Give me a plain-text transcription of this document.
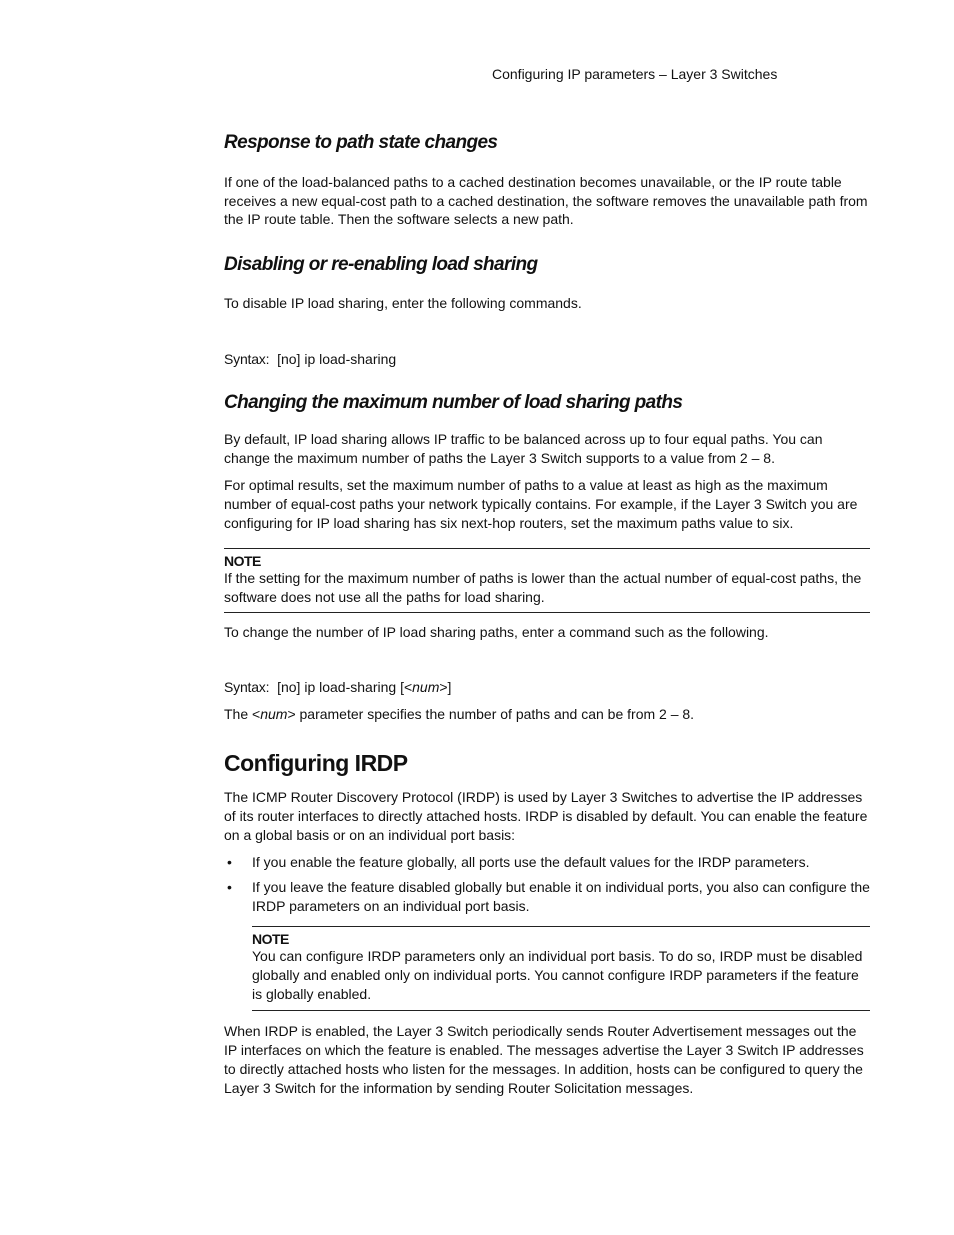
Configuring IP parameters – Layer 3 Switches
Response to path state changes

If one of the load-balanced paths to a cached destination becomes unavailable, or the IP route table receives a new equal-cost path to a cached destination, the software removes the unavailable path from the IP route table. Then the software selects a new path.

Disabling or re-enabling load sharing

To disable IP load sharing, enter the following commands.

Syntax: [no] ip load-sharing
Changing the maximum number of load sharing paths

By default, IP load sharing allows IP traffic to be balanced across up to four equal paths. You can change the maximum number of paths the Layer 3 Switch supports to a value from 2 – 8.

For optimal results, set the maximum number of paths to a value at least as high as the maximum number of equal-cost paths your network typically contains. For example, if the Layer 3 Switch you are configuring for IP load sharing has six next-hop routers, set the maximum paths value to six.

NOTE

If the setting for the maximum number of paths is lower than the actual number of equal-cost paths, the software does not use all the paths for load sharing.

To change the number of IP load sharing paths, enter a command such as the following.

Syntax: [no] ip load-sharing [<num>]

The <num> parameter specifies the number of paths and can be from 2 – 8.

Configuring IRDP

The ICMP Router Discovery Protocol (IRDP) is used by Layer 3 Switches to advertise the IP addresses of its router interfaces to directly attached hosts. IRDP is disabled by default. You can enable the feature on a global basis or on an individual port basis:

• If you enable the feature globally, all ports use the default values for the IRDP parameters.
• If you leave the feature disabled globally but enable it on individual ports, you also can configure the IRDP parameters on an individual port basis.
NOTE

You can configure IRDP parameters only an individual port basis. To do so, IRDP must be disabled globally and enabled only on individual ports. You cannot configure IRDP parameters if the feature is globally enabled.

When IRDP is enabled, the Layer 3 Switch periodically sends Router Advertisement messages out the IP interfaces on which the feature is enabled. The messages advertise the Layer 3 Switch IP addresses to directly attached hosts who listen for the messages. In addition, hosts can be configured to query the Layer 3 Switch for the information by sending Router Solicitation messages.
